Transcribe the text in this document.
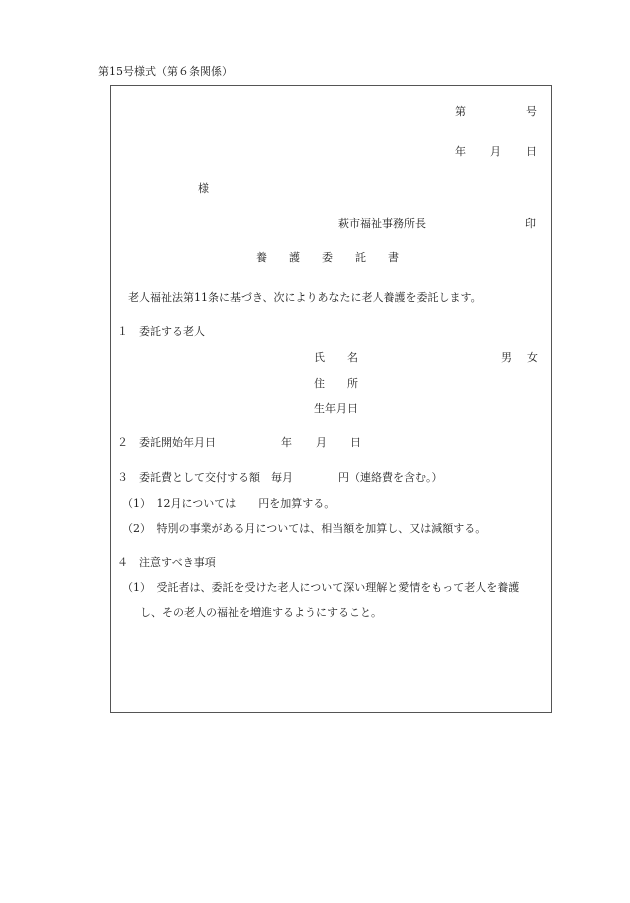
第15号様式（第６条関係）
第	号
年 月 日
様
萩市福祉事務所長	印
養 護 委 託 書
老人福祉法第11条に基づき、次によりあなたに老人養護を委託します。
１　委託する老人
氏　　名	男 女
住　　所
生年月日
２　委託開始年月日	年 月 日
３　委託費として交付する額　毎月	円（連絡費を含む。）
（1）　12月については　　円を加算する。
（2）　特別の事業がある月については、相当額を加算し、又は減額する。
４　注意すべき事項
（1）　受託者は、委託を受けた老人について深い理解と愛情をもって老人を養護
し、その老人の福祉を増進するようにすること。
